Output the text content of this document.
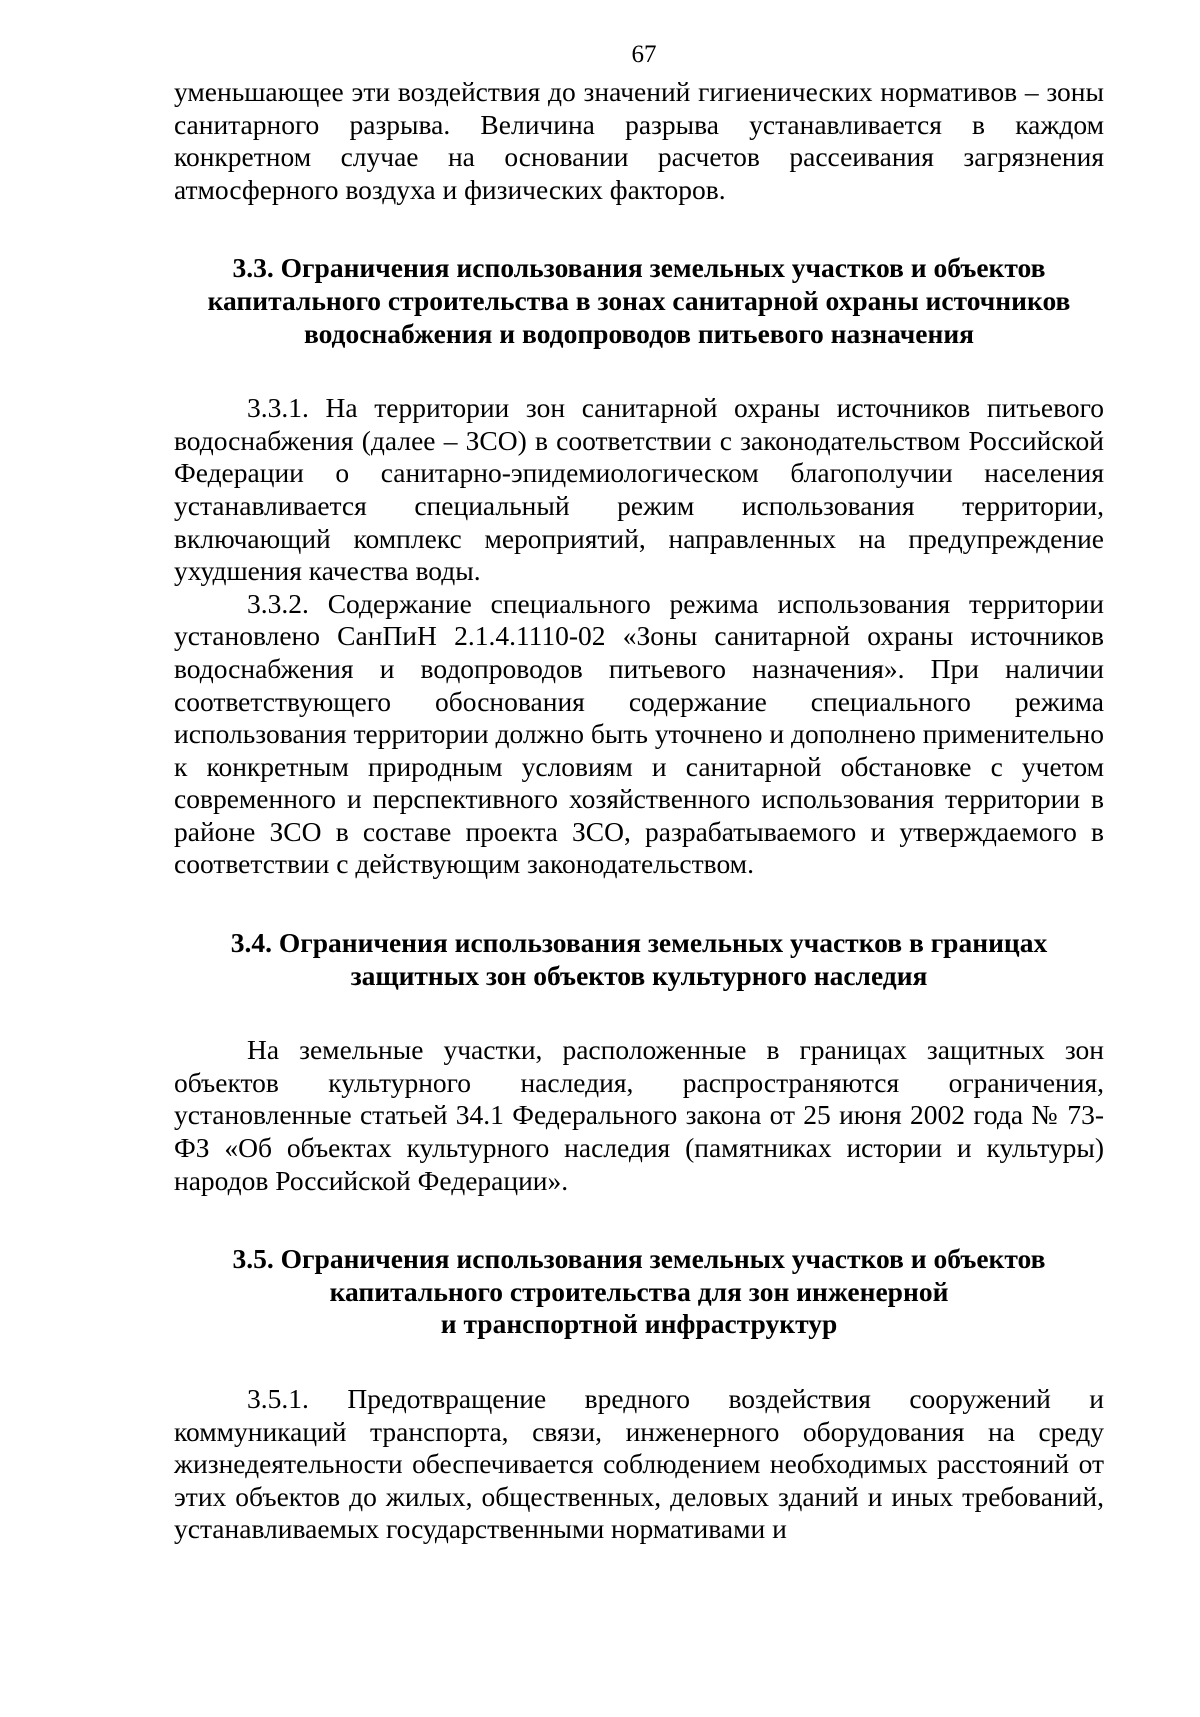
67

уменьшающее эти воздействия до значений гигиенических нормативов – зоны санитарного разрыва. Величина разрыва устанавливается в каждом конкретном случае на основании расчетов рассеивания загрязнения атмосферного воздуха и физических факторов.

3.3. Ограничения использования земельных участков и объектов
капитального строительства в зонах санитарной охраны источников
водоснабжения и водопроводов питьевого назначения

3.3.1. На территории зон санитарной охраны источников питьевого водоснабжения (далее – ЗСО) в соответствии с законодательством Российской Федерации о санитарно-эпидемиологическом благополучии населения устанавливается специальный режим использования территории, включающий комплекс мероприятий, направленных на предупреждение ухудшения качества воды.

3.3.2. Содержание специального режима использования территории установлено СанПиН 2.1.4.1110-02 «Зоны санитарной охраны источников водоснабжения и водопроводов питьевого назначения». При наличии соответствующего обоснования содержание специального режима использования территории должно быть уточнено и дополнено применительно к конкретным природным условиям и санитарной обстановке с учетом современного и перспективного хозяйственного использования территории в районе ЗСО в составе проекта ЗСО, разрабатываемого и утверждаемого в соответствии с действующим законодательством.

3.4. Ограничения использования земельных участков в границах
защитных зон объектов культурного наследия

На земельные участки, расположенные в границах защитных зон объектов культурного наследия, распространяются ограничения, установленные статьей 34.1 Федерального закона от 25 июня 2002 года № 73-ФЗ «Об объектах культурного наследия (памятниках истории и культуры) народов Российской Федерации».

3.5. Ограничения использования земельных участков и объектов
капитального строительства для зон инженерной
и транспортной инфраструктур

3.5.1. Предотвращение вредного воздействия сооружений и коммуникаций транспорта, связи, инженерного оборудования на среду жизнедеятельности обеспечивается соблюдением необходимых расстояний от этих объектов до жилых, общественных, деловых зданий и иных требований, устанавливаемых государственными нормативами и
